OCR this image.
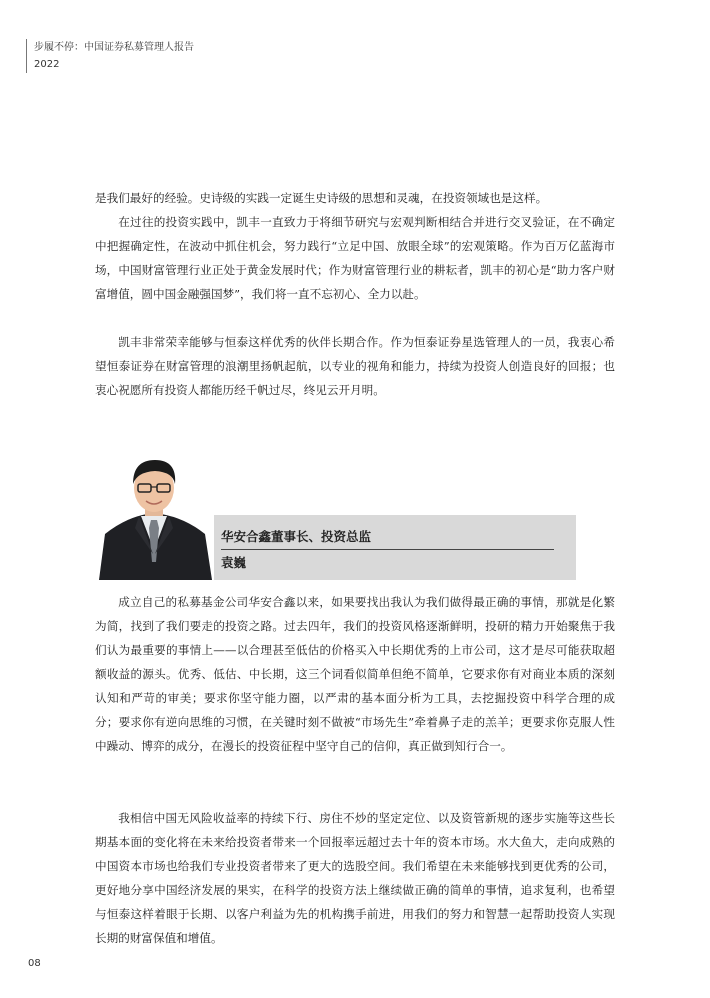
步履不停：中国证券私募管理人报告
2022

是我们最好的经验。史诗级的实践一定诞生史诗级的思想和灵魂，在投资领域也是这样。

在过往的投资实践中，凯丰一直致力于将细节研究与宏观判断相结合并进行交叉验证，在不确定中把握确定性，在波动中抓住机会，努力践行“立足中国、放眼全球”的宏观策略。作为百万亿蓝海市场，中国财富管理行业正处于黄金发展时代；作为财富管理行业的耕耘者，凯丰的初心是“助力客户财富增值，圆中国金融强国梦”，我们将一直不忘初心、全力以赴。

凯丰非常荣幸能够与恒泰这样优秀的伙伴长期合作。作为恒泰证券星选管理人的一员，我衷心希望恒泰证券在财富管理的浪潮里扬帆起航，以专业的视角和能力，持续为投资人创造良好的回报；也衷心祝愿所有投资人都能历经千帆过尽，终见云开月明。

华安合鑫董事长、投资总监
袁巍

成立自己的私募基金公司华安合鑫以来，如果要找出我认为我们做得最正确的事情，那就是化繁为简，找到了我们要走的投资之路。过去四年，我们的投资风格逐渐鲜明，投研的精力开始聚焦于我们认为最重要的事情上——以合理甚至低估的价格买入中长期优秀的上市公司，这才是尽可能获取超额收益的源头。优秀、低估、中长期，这三个词看似简单但绝不简单，它要求你有对商业本质的深刻认知和严苛的审美；要求你坚守能力圈，以严肃的基本面分析为工具，去挖掘投资中科学合理的成分；要求你有逆向思维的习惯，在关键时刻不做被“市场先生”牵着鼻子走的羔羊；更要求你克服人性中躁动、博弈的成分，在漫长的投资征程中坚守自己的信仰，真正做到知行合一。

我相信中国无风险收益率的持续下行、房住不炒的坚定定位、以及资管新规的逐步实施等这些长期基本面的变化将在未来给投资者带来一个回报率远超过去十年的资本市场。水大鱼大，走向成熟的中国资本市场也给我们专业投资者带来了更大的选股空间。我们希望在未来能够找到更优秀的公司，更好地分享中国经济发展的果实，在科学的投资方法上继续做正确的简单的事情，追求复利，也希望与恒泰这样着眼于长期、以客户利益为先的机构携手前进，用我们的努力和智慧一起帮助投资人实现长期的财富保值和增值。

08
